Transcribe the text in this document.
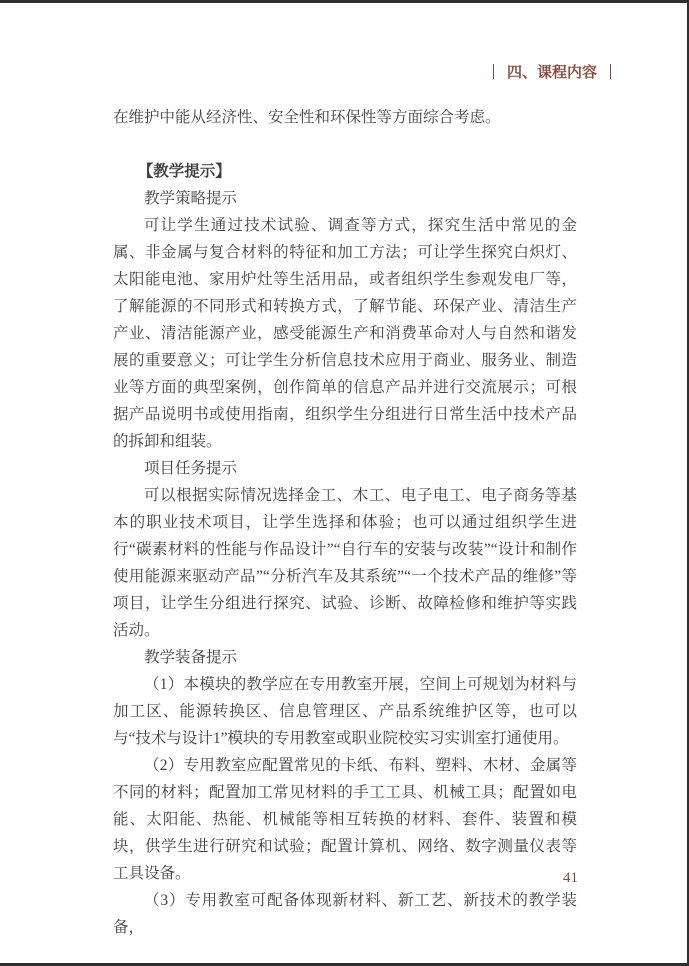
四、课程内容

在维护中能从经济性、安全性和环保性等方面综合考虑。

【教学提示】

教学策略提示

可让学生通过技术试验、调查等方式，探究生活中常见的金属、非金属与复合材料的特征和加工方法；可让学生探究白炽灯、太阳能电池、家用炉灶等生活用品，或者组织学生参观发电厂等，了解能源的不同形式和转换方式，了解节能、环保产业、清洁生产产业、清洁能源产业，感受能源生产和消费革命对人与自然和谐发展的重要意义；可让学生分析信息技术应用于商业、服务业、制造业等方面的典型案例，创作简单的信息产品并进行交流展示；可根据产品说明书或使用指南，组织学生分组进行日常生活中技术产品的拆卸和组装。

项目任务提示

可以根据实际情况选择金工、木工、电子电工、电子商务等基本的职业技术项目，让学生选择和体验；也可以通过组织学生进行“碳素材料的性能与作品设计”“自行车的安装与改装”“设计和制作使用能源来驱动产品”“分析汽车及其系统”“一个技术产品的维修”等项目，让学生分组进行探究、试验、诊断、故障检修和维护等实践活动。

教学装备提示

（1）本模块的教学应在专用教室开展，空间上可规划为材料与加工区、能源转换区、信息管理区、产品系统维护区等，也可以与“技术与设计1”模块的专用教室或职业院校实习实训室打通使用。

（2）专用教室应配置常见的卡纸、布料、塑料、木材、金属等不同的材料；配置加工常见材料的手工工具、机械工具；配置如电能、太阳能、热能、机械能等相互转换的材料、套件、装置和模块，供学生进行研究和试验；配置计算机、网络、数字测量仪表等工具设备。

（3）专用教室可配备体现新材料、新工艺、新技术的教学装备，

41
